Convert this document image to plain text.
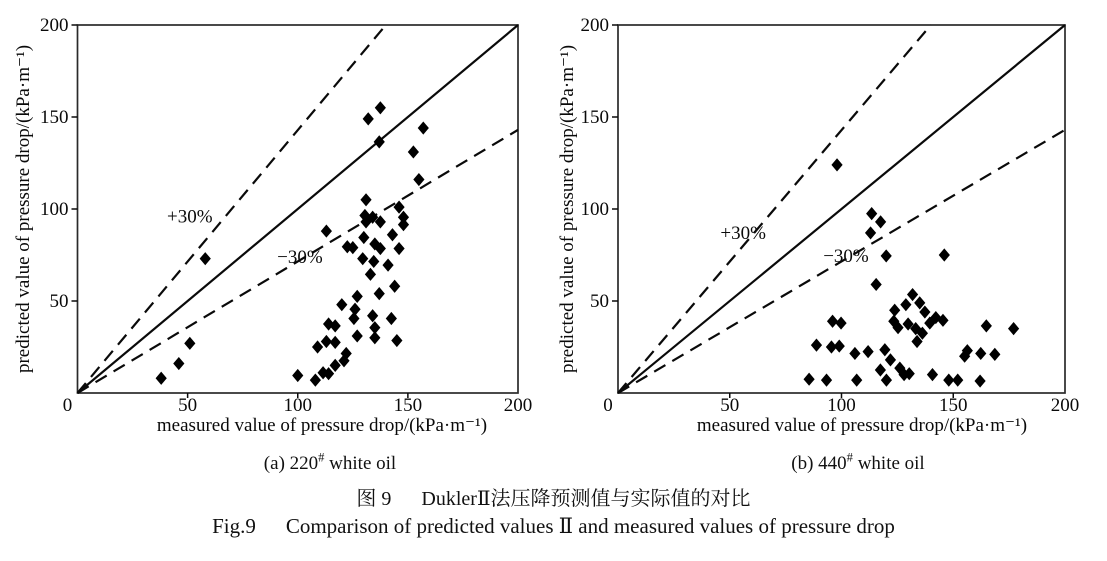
+30%
−30%
0	50	100	150	200
50
100
150
200
measured value of pressure drop/(kPa·m⁻¹)
predicted value of pressure drop/(kPa·m⁻¹)	+30%
−30%
0	50	100	150	200
50
100
150
200
measured value of pressure drop/(kPa·m⁻¹)
predicted value of pressure drop/(kPa·m⁻¹)
(a) 220# white oil	(b) 440# white oil
图 9 DuklerⅡ法压降预测值与实际值的对比
Fig.9 Comparison of predicted values Ⅱ and measured values of pressure drop
